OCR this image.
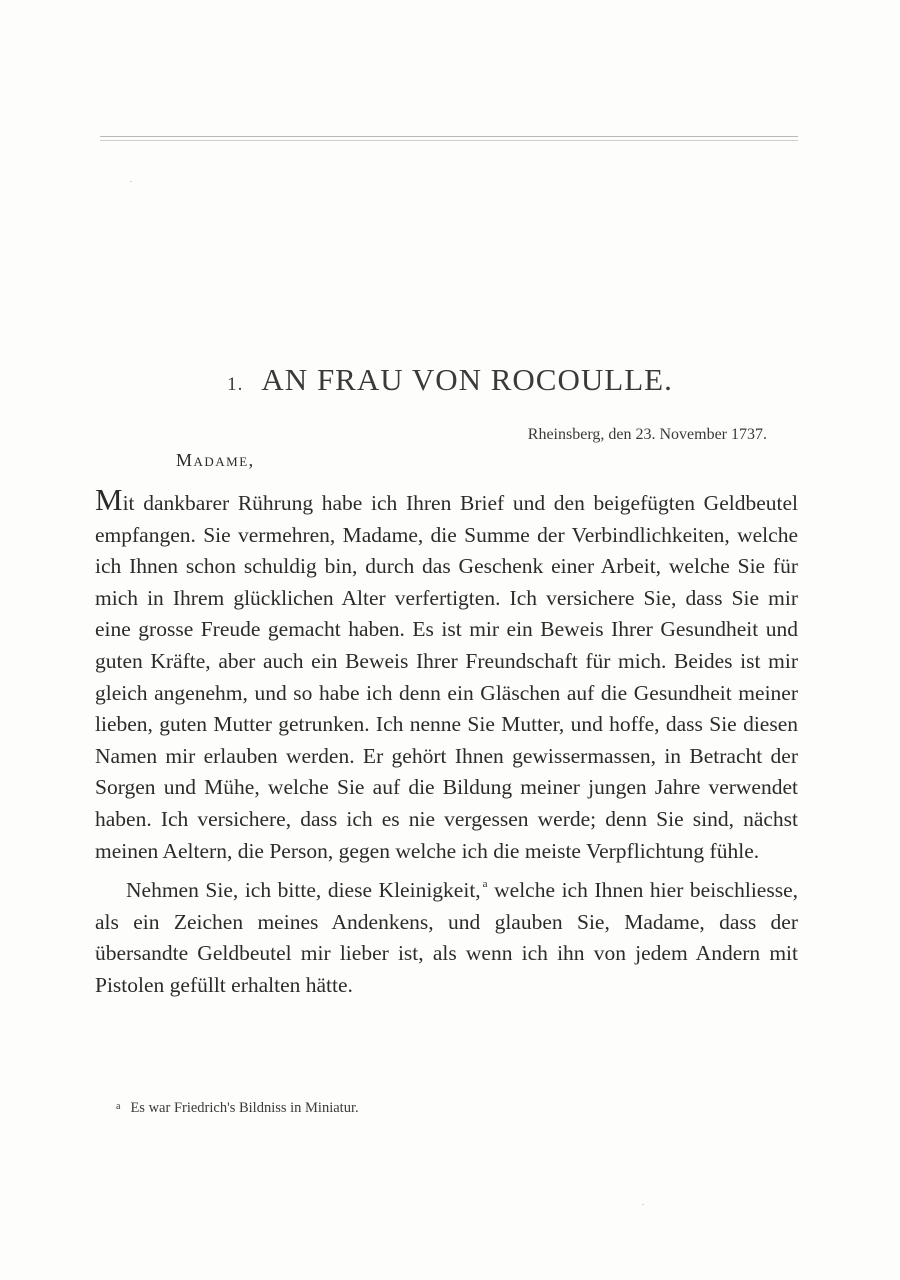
1. AN FRAU VON ROCOULLE.
Rheinsberg, den 23. November 1737.
Madame,

Mit dankbarer Rührung habe ich Ihren Brief und den beigefügten Geldbeutel empfangen. Sie vermehren, Madame, die Summe der Verbindlichkeiten, welche ich Ihnen schon schuldig bin, durch das Geschenk einer Arbeit, welche Sie für mich in Ihrem glücklichen Alter verfertigten. Ich versichere Sie, dass Sie mir eine grosse Freude gemacht haben. Es ist mir ein Beweis Ihrer Gesundheit und guten Kräfte, aber auch ein Beweis Ihrer Freundschaft für mich. Beides ist mir gleich angenehm, und so habe ich denn ein Gläschen auf die Gesundheit meiner lieben, guten Mutter getrunken. Ich nenne Sie Mutter, und hoffe, dass Sie diesen Namen mir erlauben werden. Er gehört Ihnen gewissermassen, in Betracht der Sorgen und Mühe, welche Sie auf die Bildung meiner jungen Jahre verwendet haben. Ich versichere, dass ich es nie vergessen werde; denn Sie sind, nächst meinen Aeltern, die Person, gegen welche ich die meiste Verpflichtung fühle.

Nehmen Sie, ich bitte, diese Kleinigkeit, $^a$ welche ich Ihnen hier beischliesse, als ein Zeichen meines Andenkens, und glauben Sie, Madame, dass der übersandte Geldbeutel mir lieber ist, als wenn ich ihn von jedem Andern mit Pistolen gefüllt erhalten hätte.

$^a$ Es war Friedrich's Bildniss in Miniatur.
